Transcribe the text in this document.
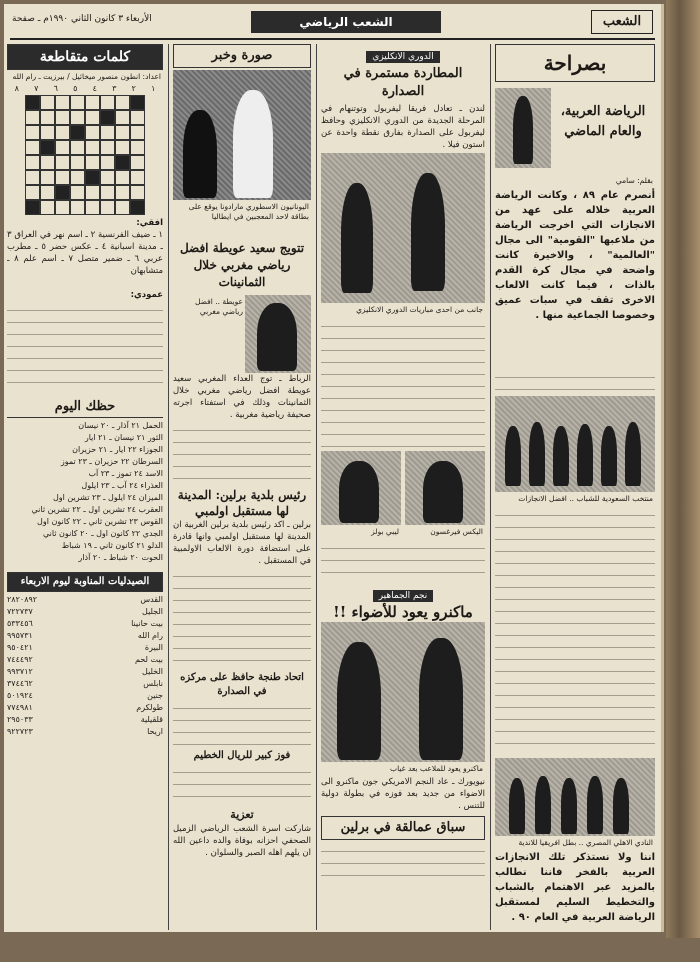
الشعب
الشعب الرياضي
الأربعاء ٣ كانون الثاني ١٩٩٠م ـ صفحة
بصراحة
الرياضة العربية، والعام الماضي
بقلم: سامي
أنصرم عام ٨٩ ، وكانت الرياضة العربية خلاله على عهد من الانجازات التي اخرجت الرياضة من ملاعبها "القومية" الى مجال "العالمية" ، والاخيرة كانت واضحة في مجال كرة القدم بالذات ، فيما كانت الالعاب الاخرى تقف في سبات عميق وخصوصا الجماعية منها .
منتخب السعودية للشباب .. افضل الانجازات
النادي الاهلي المصري .. بطل افريقيا للاندية
اننا ولا نستذكر تلك الانجازات العربية بالفخر فاننا نطالب بالمزيد عبر الاهتمام بالشباب والتخطيط السليم لمستقبل الرياضة العربية في العام ٩٠ .
الدوري الانكليزي
المطاردة مستمرة في الصدارة
لندن ـ تعادل فريقا ليفربول وتوتنهام في المرحلة الجديدة من الدوري الانكليزي وحافظ ليفربول على الصدارة بفارق نقطة واحدة عن استون فيلا .
جانب من احدى مباريات الدوري الانكليزي
اليكس فيرغسون
ليبي بولز
نجم الجماهير
ماكنرو يعود للأضواء !!
ماكنرو يعود للملاعب بعد غياب
نيويورك ـ عاد النجم الامريكي جون ماكنرو الى الاضواء من جديد بعد فوزه في بطولة دولية للتنس .
سباق عمالقة في برلين
صورة وخبر
اليونانيون الاسطوري مارادونا يوقع على بطاقة لاحد المعجبين في ايطاليا
تتويج سعيد عويطة افضل رياضي مغربي خلال الثمانينات
عويطة .. افضل رياضي مغربي
الرباط ـ توج العداء المغربي سعيد عويطة افضل رياضي مغربي خلال الثمانينات وذلك في استفتاء اجرته صحيفة رياضية مغربية .
رئيس بلدية برلين: المدينة لها مستقبل اولمبي
برلين ـ اكد رئيس بلدية برلين الغربية ان المدينة لها مستقبل اولمبي وانها قادرة على استضافة دورة الالعاب الاولمبية في المستقبل .
اتحاد طنجة حافظ على مركزه في الصدارة
فوز كبير للريال الخطيم
تعزية
شاركت اسرة الشعب الرياضي الزميل الصحفي احزانه بوفاة والده داعين الله ان يلهم اهله الصبر والسلوان .
كلمات متقاطعة
اعداد: انطون منصور ميخائيل / بيرزيت ـ رام الله
١
٢
٣
٤
٥
٦
٧
٨
افقي:
١ ـ ضيف الفرنسية ٢ ـ اسم نهر في العراق ٣ ـ مدينة اسبانية ٤ ـ عكس حضر ٥ ـ مطرب عربي ٦ ـ ضمير متصل ٧ ـ اسم علم ٨ ـ متشابهان
عمودي:
حظك اليوم
الحمل ٢١ آذار ـ ٢٠ نيسان
الثور ٢١ نيسان ـ ٢١ ايار
الجوزاء ٢٢ ايار ـ ٢١ حزيران
السرطان ٢٢ حزيران ـ ٢٣ تموز
الاسد ٢٤ تموز ـ ٢٣ آب
العذراء ٢٤ آب ـ ٢٣ ايلول
الميزان ٢٤ ايلول ـ ٢٣ تشرين اول
العقرب ٢٤ تشرين اول ـ ٢٢ تشرين ثاني
القوس ٢٣ تشرين ثاني ـ ٢٢ كانون اول
الجدي ٢٢ كانون اول ـ ٢٠ كانون ثاني
الدلو ٢١ كانون ثاني ـ ١٩ شباط
الحوت ٢٠ شباط ـ ٢٠ آذار
الصيدليات المناوبة ليوم الاربعاء
القدس
٢٨٢٠٨٩٢
الجليل
٧٢٢٧٣٧
بيت حانينا
٥٣٣٤٥٦
رام الله
٩٩٥٧٣١
البيرة
٩٥٠٤٢١
بيت لحم
٧٤٤٤٩٢
الخليل
٩٩٣٧١٢
نابلس
٣٧٤٤٦٢
جنين
٥٠١٩٢٤
طولكرم
٧٧٤٩٨١
قلقيلية
٢٩٥٠٣٣
اريحا
٩٢٢٧٢٣
